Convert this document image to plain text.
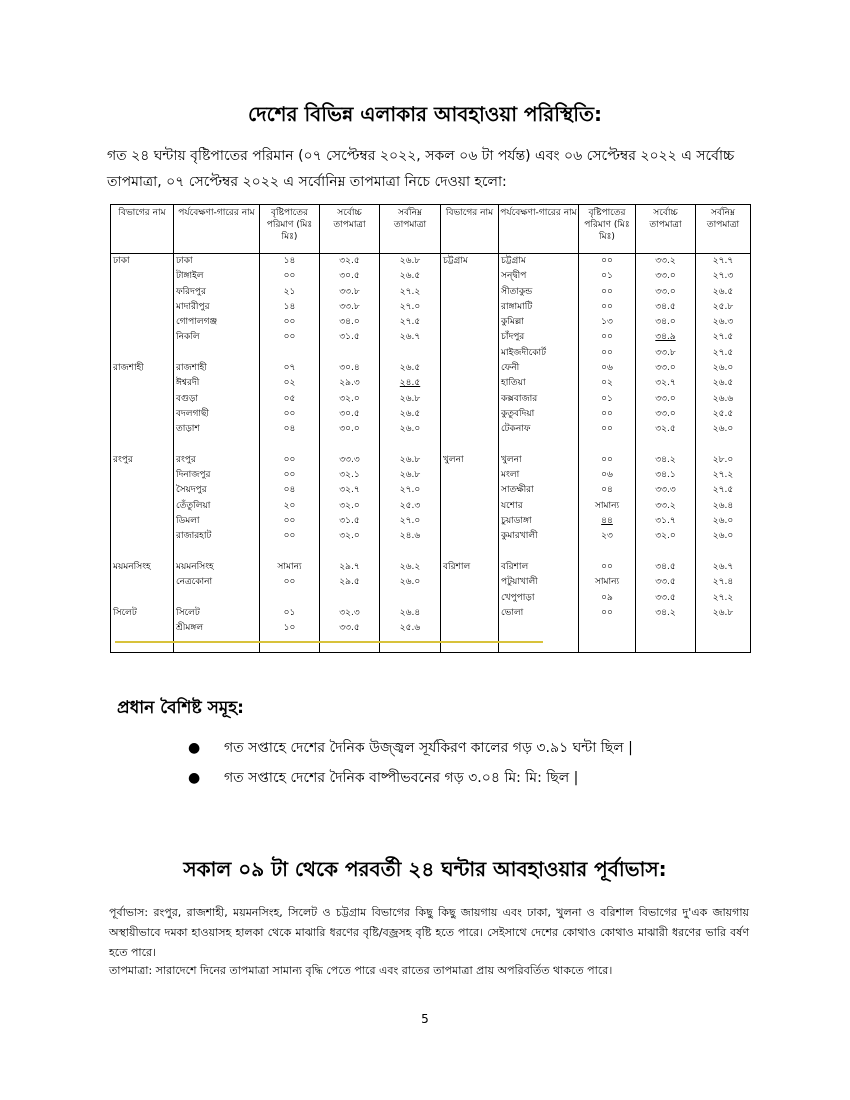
দেশের বিভিন্ন এলাকার আবহাওয়া পরিস্থিতি:
গত ২৪ ঘন্টায় বৃষ্টিপাতের পরিমান (০৭ সেপ্টেম্বর ২০২২, সকল ০৬ টা পর্যন্ত) এবং ০৬ সেপ্টেম্বর ২০২২ এ সর্বোচ্চ তাপমাত্রা, ০৭ সেপ্টেম্বর ২০২২ এ সর্বোনিম্ন তাপমাত্রা নিচে দেওয়া হলো:
বিভাগের নাম	পর্যবেক্ষণা-গারের নাম	বৃষ্টিপাতের পরিমাণ (মিঃ মিঃ)	সর্বোচ্চ তাপমাত্রা	সর্বনিম্ন তাপমাত্রা	বিভাগের নাম	পর্যবেক্ষণা-গারের নাম	বৃষ্টিপাতের পরিমাণ (মিঃ মিঃ)	সর্বোচ্চ তাপমাত্রা	সর্বনিম্ন তাপমাত্রা
ঢাকা	ঢাকা	১৪	৩২.৫	২৬.৮	চট্টগ্রাম	চট্টগ্রাম	০০	৩৩.২	২৭.৭
	টাঙ্গাইল	০০	৩০.৫	২৬.৫		সন্দ্বীপ	০১	৩৩.০	২৭.৩
	ফরিদপুর	২১	৩৩.৮	২৭.২		সীতাকুন্ড	০০	৩৩.০	২৬.৫
	মাদারীপুর	১৪	৩৩.৮	২৭.০		রাঙ্গামাটি	০০	৩৪.৫	২৫.৮
	গোপালগঞ্জ	০০	৩৪.০	২৭.৫		কুমিল্লা	১৩	৩৪.০	২৬.৩
	নিকলি	০০	৩১.৫	২৬.৭		চাঁদপুর	০০	৩৪.৯	২৭.৫
						মাইজদীকোর্ট	০০	৩৩.৮	২৭.৫
রাজশাহী	রাজশাহী	০৭	৩০.৪	২৬.৫		ফেনী	০৬	৩৩.০	২৬.০
	ঈশ্বরদী	০২	২৯.৩	২৪.৫		হাতিয়া	০২	৩২.৭	২৬.৫
	বগুড়া	০৫	৩২.০	২৬.৮		কক্সবাজার	০১	৩৩.০	২৬.৬
	বদলগাছী	০০	৩০.৫	২৬.৫		কুতুবদিয়া	০০	৩৩.০	২৫.৫
	তাড়াশ	০৪	৩০.০	২৬.০		টেকনাফ	০০	৩২.৫	২৬.০

রংপুর	রংপুর	০০	৩৩.৩	২৬.৮	খুলনা	খুলনা	০০	৩৪.২	২৮.০
	দিনাজপুর	০০	৩২.১	২৬.৮		মংলা	০৬	৩৪.১	২৭.২
	সৈয়দপুর	০৪	৩২.৭	২৭.০		সাতক্ষীরা	০৪	৩৩.৩	২৭.৫
	তেঁতুলিয়া	২০	৩২.০	২৫.৩		যশোর	সামান্য	৩৩.২	২৬.৪
	ডিমলা	০০	৩১.৫	২৭.০		চুয়াডাঙ্গা	৪৪	৩১.৭	২৬.০
	রাজারহাট	০০	৩২.০	২৪.৬		কুমারখালী	২৩	৩২.০	২৬.০

ময়মনসিংহ	ময়মনসিংহ	সামান্য	২৯.৭	২৬.২	বরিশাল	বরিশাল	০০	৩৪.৫	২৬.৭
	নেত্রকোনা	০০	২৯.৫	২৬.০		পটুয়াখালী	সামান্য	৩৩.৫	২৭.৪
						খেপুপাড়া	০৯	৩৩.৫	২৭.২
সিলেট	সিলেট	০১	৩২.৩	২৬.৪		ভোলা	০০	৩৪.২	২৬.৮
	শ্রীমঙ্গল	১০	৩৩.৫	২৫.৬					

প্রধান বৈশিষ্ট সমূহ:
● গত সপ্তাহে দেশের দৈনিক উজ্জ্বল সূর্যকিরণ কালের গড় ৩.৯১ ঘন্টা ছিল |
● গত সপ্তাহে দেশের দৈনিক বাষ্পীভবনের গড় ৩.০৪ মি: মি: ছিল |
সকাল ০৯ টা থেকে পরবর্তী ২৪ ঘন্টার আবহাওয়ার পূর্বাভাস:
পূর্বাভাস: রংপুর, রাজশাহী, ময়মনসিংহ, সিলেট ও চট্টগ্রাম বিভাগের কিছু কিছু জায়গায় এবং ঢাকা, খুলনা ও বরিশাল বিভাগের দু'এক জায়গায় অস্থায়ীভাবে দমকা হাওয়াসহ হালকা থেকে মাঝারি ধরণের বৃষ্টি/বজ্রসহ বৃষ্টি হতে পারে। সেইসাথে দেশের কোথাও কোথাও মাঝারী ধরণের ভারি বর্ষণ হতে পারে।
তাপমাত্রা: সারাদেশে দিনের তাপমাত্রা সামান্য বৃদ্ধি পেতে পারে এবং রাতের তাপমাত্রা প্রায় অপরিবর্তিত থাকতে পারে।
5
